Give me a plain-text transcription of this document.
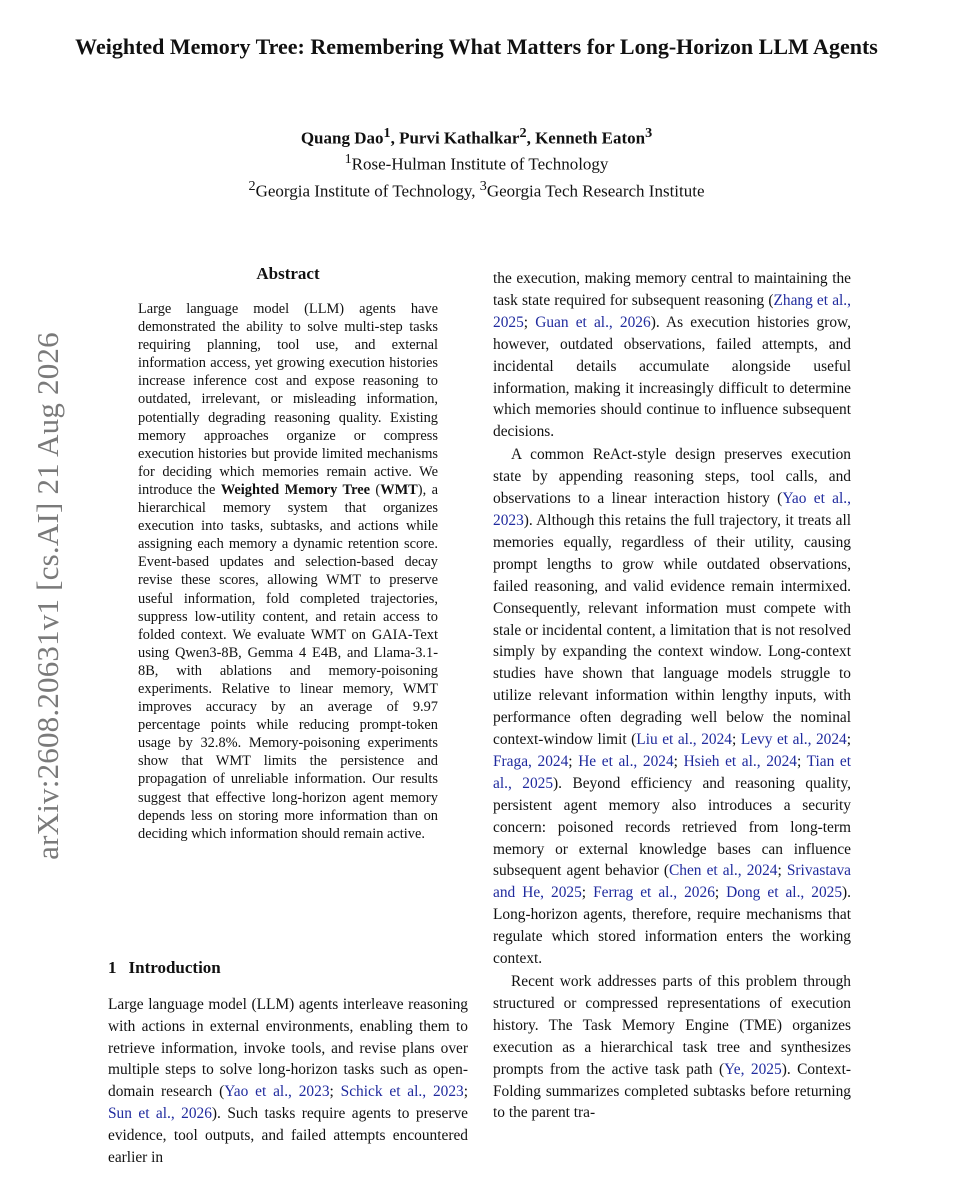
Weighted Memory Tree: Remembering What Matters for Long-Horizon LLM Agents
Quang Dao$^1$, Purvi Kathalkar$^2$, Kenneth Eaton$^3$
$^1$Rose-Hulman Institute of Technology
$^2$Georgia Institute of Technology, $^3$Georgia Tech Research Institute
arXiv:2608.20631v1 [cs.AI] 21 Aug 2026
Abstract

Large language model (LLM) agents have demonstrated the ability to solve multi-step tasks requiring planning, tool use, and external information access, yet growing execution histories increase inference cost and expose reasoning to outdated, irrelevant, or misleading information, potentially degrading reasoning quality. Existing memory approaches organize or compress execution histories but provide limited mechanisms for deciding which memories remain active. We introduce the Weighted Memory Tree (WMT), a hierarchical memory system that organizes execution into tasks, subtasks, and actions while assigning each memory a dynamic retention score. Event-based updates and selection-based decay revise these scores, allowing WMT to preserve useful information, fold completed trajectories, suppress low-utility content, and retain access to folded context. We evaluate WMT on GAIA-Text using Qwen3-8B, Gemma 4 E4B, and Llama-3.1-8B, with ablations and memory-poisoning experiments. Relative to linear memory, WMT improves accuracy by an average of 9.97 percentage points while reducing prompt-token usage by 32.8%. Memory-poisoning experiments show that WMT limits the persistence and propagation of unreliable information. Our results suggest that effective long-horizon agent memory depends less on storing more information than on deciding which information should remain active.

1 Introduction

Large language model (LLM) agents interleave reasoning with actions in external environments, enabling them to retrieve information, invoke tools, and revise plans over multiple steps to solve long-horizon tasks such as open-domain research (Yao et al., 2023; Schick et al., 2023; Sun et al., 2026). Such tasks require agents to preserve evidence, tool outputs, and failed attempts encountered earlier in

the execution, making memory central to maintaining the task state required for subsequent reasoning (Zhang et al., 2025; Guan et al., 2026). As execution histories grow, however, outdated observations, failed attempts, and incidental details accumulate alongside useful information, making it increasingly difficult to determine which memories should continue to influence subsequent decisions.

A common ReAct-style design preserves execution state by appending reasoning steps, tool calls, and observations to a linear interaction history (Yao et al., 2023). Although this retains the full trajectory, it treats all memories equally, regardless of their utility, causing prompt lengths to grow while outdated observations, failed reasoning, and valid evidence remain intermixed. Consequently, relevant information must compete with stale or incidental content, a limitation that is not resolved simply by expanding the context window. Long-context studies have shown that language models struggle to utilize relevant information within lengthy inputs, with performance often degrading well below the nominal context-window limit (Liu et al., 2024; Levy et al., 2024; Fraga, 2024; He et al., 2024; Hsieh et al., 2024; Tian et al., 2025). Beyond efficiency and reasoning quality, persistent agent memory also introduces a security concern: poisoned records retrieved from long-term memory or external knowledge bases can influence subsequent agent behavior (Chen et al., 2024; Srivastava and He, 2025; Ferrag et al., 2026; Dong et al., 2025). Long-horizon agents, therefore, require mechanisms that regulate which stored information enters the working context.

Recent work addresses parts of this problem through structured or compressed representations of execution history. The Task Memory Engine (TME) organizes execution as a hierarchical task tree and synthesizes prompts from the active task path (Ye, 2025). Context-Folding summarizes completed subtasks before returning to the parent tra-
